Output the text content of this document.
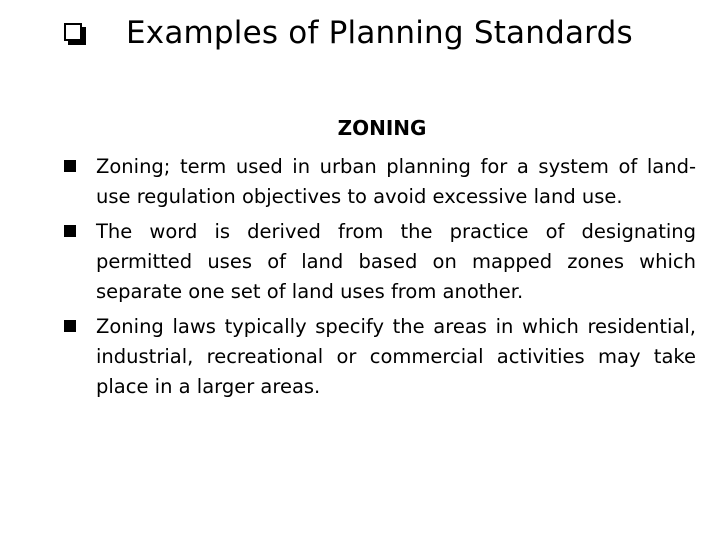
Examples of Planning Standards
ZONING
Zoning; term used in urban planning for a system of land-use regulation objectives to avoid excessive land use.
The word is derived from the practice of designating permitted uses of land based on mapped zones which separate one set of land uses from another.
Zoning laws typically specify the areas in which residential, industrial, recreational or commercial activities may take place in a larger areas.
